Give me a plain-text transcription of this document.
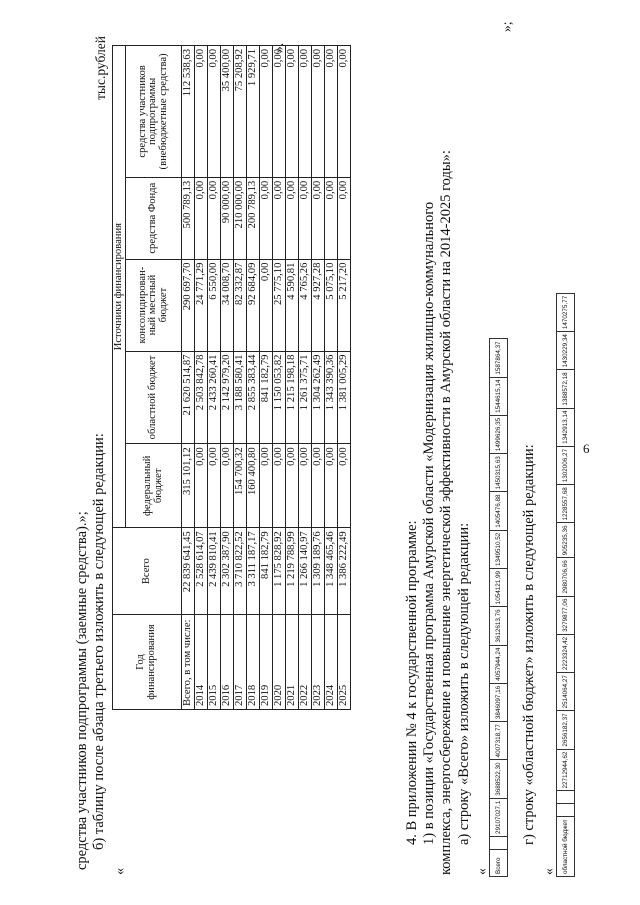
6
средства участников подпрограммы (заемные средства).»; б) таблицу после абзаца третьего изложить в следующей редакции:
«
тыс.рублей
Год финансирования	Всего	Источники финансирования				
		федеральный бюджет	областной бюджет	консолидирован- ный местный бюджет	средства Фонда	средства участников подпрограммы (внебюджетные средства)
Всего, в том числе:	22 839 641,45	315 101,12	21 620 514,87	290 697,70	500 789,13	112 538,63
2014	2 528 614,07	0,00	2 503 842,78	24 771,29	0,00	0,00
2015	2 439 810,41	0,00	2 433 260,41	6 550,00	0,00	0,00
2016	2 302 387,90	0,00	2 142 979,20	34 008,70	90 000,00	35 400,00
2017	3 710 822,52	154 700,32	3 188 580,41	82 332,87	210 000,00	75 208,92
2018	3 311 187,17	160 400,80	2 855 383,44	92 684,09	200 789,13	1 929,71
2019	841 182,79	0,00	841 182,79	0,00	0,00	0,00
2020	1 175 828,92	0,00	1 150 053,82	25 775,10	0,00	0,00
2021	1 219 788,99	0,00	1 215 198,18	4 590,81	0,00	0,00
2022	1 266 140,97	0,00	1 261 375,71	4 765,26	0,00	0,00
2023	1 309 189,76	0,00	1 304 262,49	4 927,28	0,00	0,00
2024	1 348 465,46	0,00	1 343 390,36	5 075,10	0,00	0,00
2025	1 386 222,49	0,00	1 381 005,29	5 217,20	0,00	0,00
».
4. В приложении № 4 к государственной программе: 1) в позиции «Государственная программа Амурской области «Модернизация жилищно-коммунального комплекса, энергосбережение и повышение энергетической эффективности в Амурской области на 2014-2025 годы»: а) строку «Всего» изложить в следующей редакции:
« Всего		29107027,1	3688522,30	4007318,77	3846097,16	4057944,24	3612613,76	1054121,99	1349510,52	1405476,88	1450315,63	1499626,35	1544615,14	1587864,37
»;
г) строку «областной бюджет» изложить в следующей редакции:
« областной бюджет			22712944,62	2656182,37	2514064,27	2223324,42	3279877,06	2980706,66	905235,36	1228557,68	1302006,27	1342913,14	1388572,18	1430229,34	1470275,77
